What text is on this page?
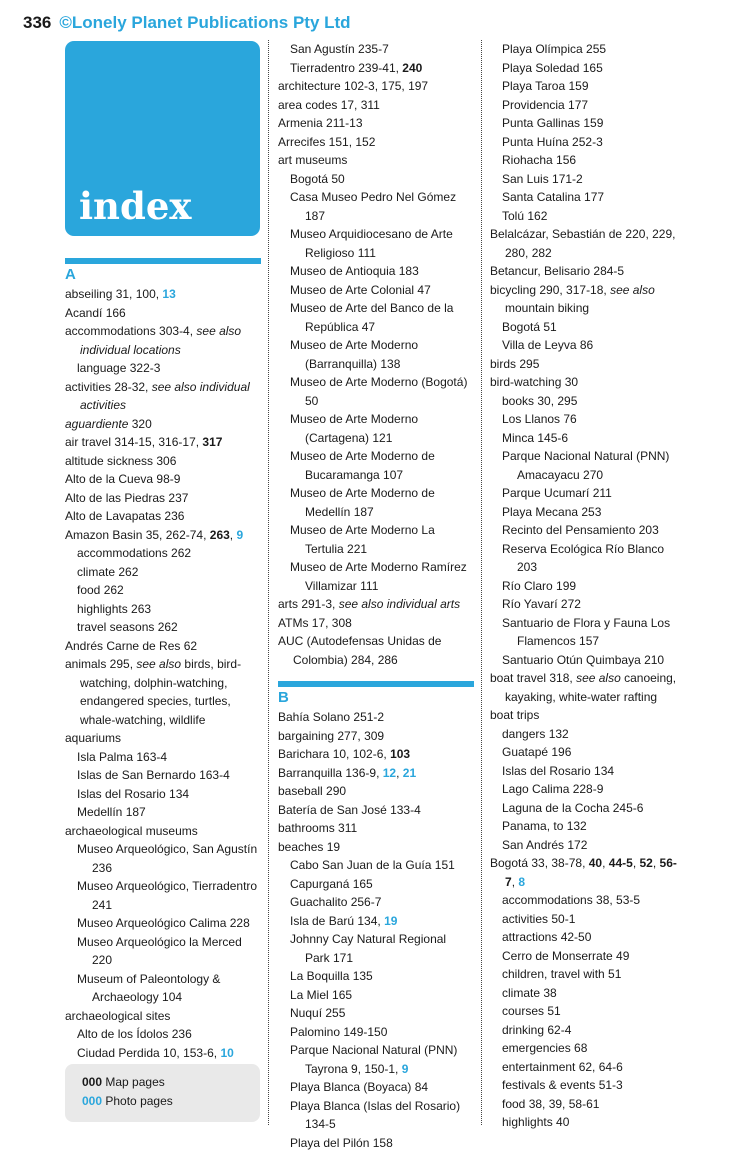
336 ©Lonely Planet Publications Pty Ltd
index
A
abseiling 31, 100, 13
Acandí 166
accommodations 303-4, see also individual locations
language 322-3
activities 28-32, see also individual activities
aguardiente 320
air travel 314-15, 316-17, 317
altitude sickness 306
Alto de la Cueva 98-9
Alto de las Piedras 237
Alto de Lavapatas 236
Amazon Basin 35, 262-74, 263, 9
accommodations 262
climate 262
food 262
highlights 263
travel seasons 262
Andrés Carne de Res 62
animals 295, see also birds, bird-watching, dolphin-watching, endangered species, turtles, whale-watching, wildlife
aquariums
Isla Palma 163-4
Islas de San Bernardo 163-4
Islas del Rosario 134
Medellín 187
archaeological museums
Museo Arqueológico, San Agustín 236
Museo Arqueológico, Tierradentro 241
Museo Arqueológico Calima 228
Museo Arqueológico la Merced 220
Museum of Paleontology & Archaeology 104
archaeological sites
Alto de los Ídolos 236
Ciudad Perdida 10, 153-6, 10
San Agustín 235-7
Tierradentro 239-41, 240
architecture 102-3, 175, 197
area codes 17, 311
Armenia 211-13
Arrecifes 151, 152
art museums
Bogotá 50
Casa Museo Pedro Nel Gómez 187
Museo Arquidiocesano de Arte Religioso 111
Museo de Antioquia 183
Museo de Arte Colonial 47
Museo de Arte del Banco de la República 47
Museo de Arte Moderno (Barranquilla) 138
Museo de Arte Moderno (Bogotá) 50
Museo de Arte Moderno (Cartagena) 121
Museo de Arte Moderno de Bucaramanga 107
Museo de Arte Moderno de Medellín 187
Museo de Arte Moderno La Tertulia 221
Museo de Arte Moderno Ramírez Villamizar 111
arts 291-3, see also individual arts
ATMs 17, 308
AUC (Autodefensas Unidas de Colombia) 284, 286
B
Bahía Solano 251-2
bargaining 277, 309
Barichara 10, 102-6, 103
Barranquilla 136-9, 12, 21
baseball 290
Batería de San José 133-4
bathrooms 311
beaches 19
Cabo San Juan de la Guía 151
Capurganá 165
Guachalito 256-7
Isla de Barú 134, 19
Johnny Cay Natural Regional Park 171
La Boquilla 135
La Miel 165
Nuquí 255
Palomino 149-150
Parque Nacional Natural (PNN) Tayrona 9, 150-1, 9
Playa Blanca (Boyaca) 84
Playa Blanca (Islas del Rosario) 134-5
Playa del Pilón 158
Playa Olímpica 255
Playa Soledad 165
Playa Taroa 159
Providencia 177
Punta Gallinas 159
Punta Huína 252-3
Riohacha 156
San Luis 171-2
Santa Catalina 177
Tolú 162
Belalcázar, Sebastián de 220, 229, 280, 282
Betancur, Belisario 284-5
bicycling 290, 317-18, see also mountain biking
Bogotá 51
Villa de Leyva 86
birds 295
bird-watching 30
books 30, 295
Los Llanos 76
Minca 145-6
Parque Nacional Natural (PNN) Amacayacu 270
Parque Ucumarí 211
Playa Mecana 253
Recinto del Pensamiento 203
Reserva Ecológica Río Blanco 203
Río Claro 199
Río Yavarí 272
Santuario de Flora y Fauna Los Flamencos 157
Santuario Otún Quimbaya 210
boat travel 318, see also canoeing, kayaking, white-water rafting
boat trips
dangers 132
Guatapé 196
Islas del Rosario 134
Lago Calima 228-9
Laguna de la Cocha 245-6
Panama, to 132
San Andrés 172
Bogotá 33, 38-78, 40, 44-5, 52, 56-7, 8
accommodations 38, 53-5
activities 50-1
attractions 42-50
Cerro de Monserrate 49
children, travel with 51
climate 38
courses 51
drinking 62-4
emergencies 68
entertainment 62, 64-6
festivals & events 51-3
food 38, 39, 58-61
highlights 40
000 Map pages
000 Photo pages
